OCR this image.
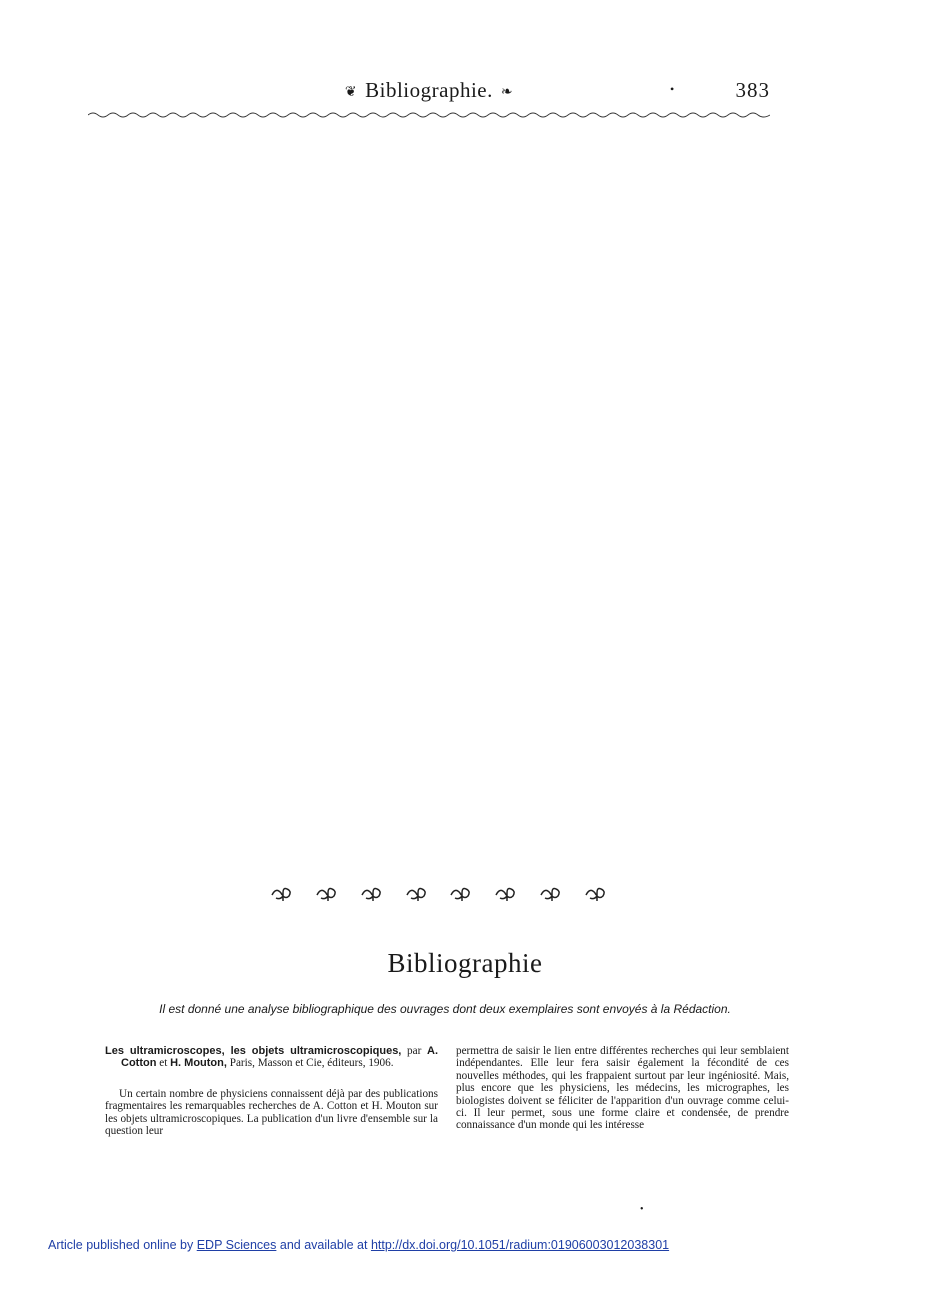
❦ Bibliographie. ❧	•	383
Bibliographie
Il est donné une analyse bibliographique des ouvrages dont deux exemplaires sont envoyés à la Rédaction.

Les ultramicroscopes, les objets ultramicroscopiques, par A. Cotton et H. Mouton, Paris, Masson et Cie, éditeurs, 1906.

Un certain nombre de physiciens connaissent déjà par des publications fragmentaires les remarquables recherches de A. Cotton et H. Mouton sur les objets ultramicroscopiques. La publication d'un livre d'ensemble sur la question leur

permettra de saisir le lien entre différentes recherches qui leur semblaient indépendantes. Elle leur fera saisir également la fécondité de ces nouvelles méthodes, qui les frappaient surtout par leur ingéniosité. Mais, plus encore que les physiciens, les médecins, les micrographes, les biologistes doivent se féliciter de l'apparition d'un ouvrage comme celui-ci. Il leur permet, sous une forme claire et condensée, de prendre connaissance d'un monde qui les intéresse

•
Article published online by EDP Sciences and available at http://dx.doi.org/10.1051/radium:01906003012038301
